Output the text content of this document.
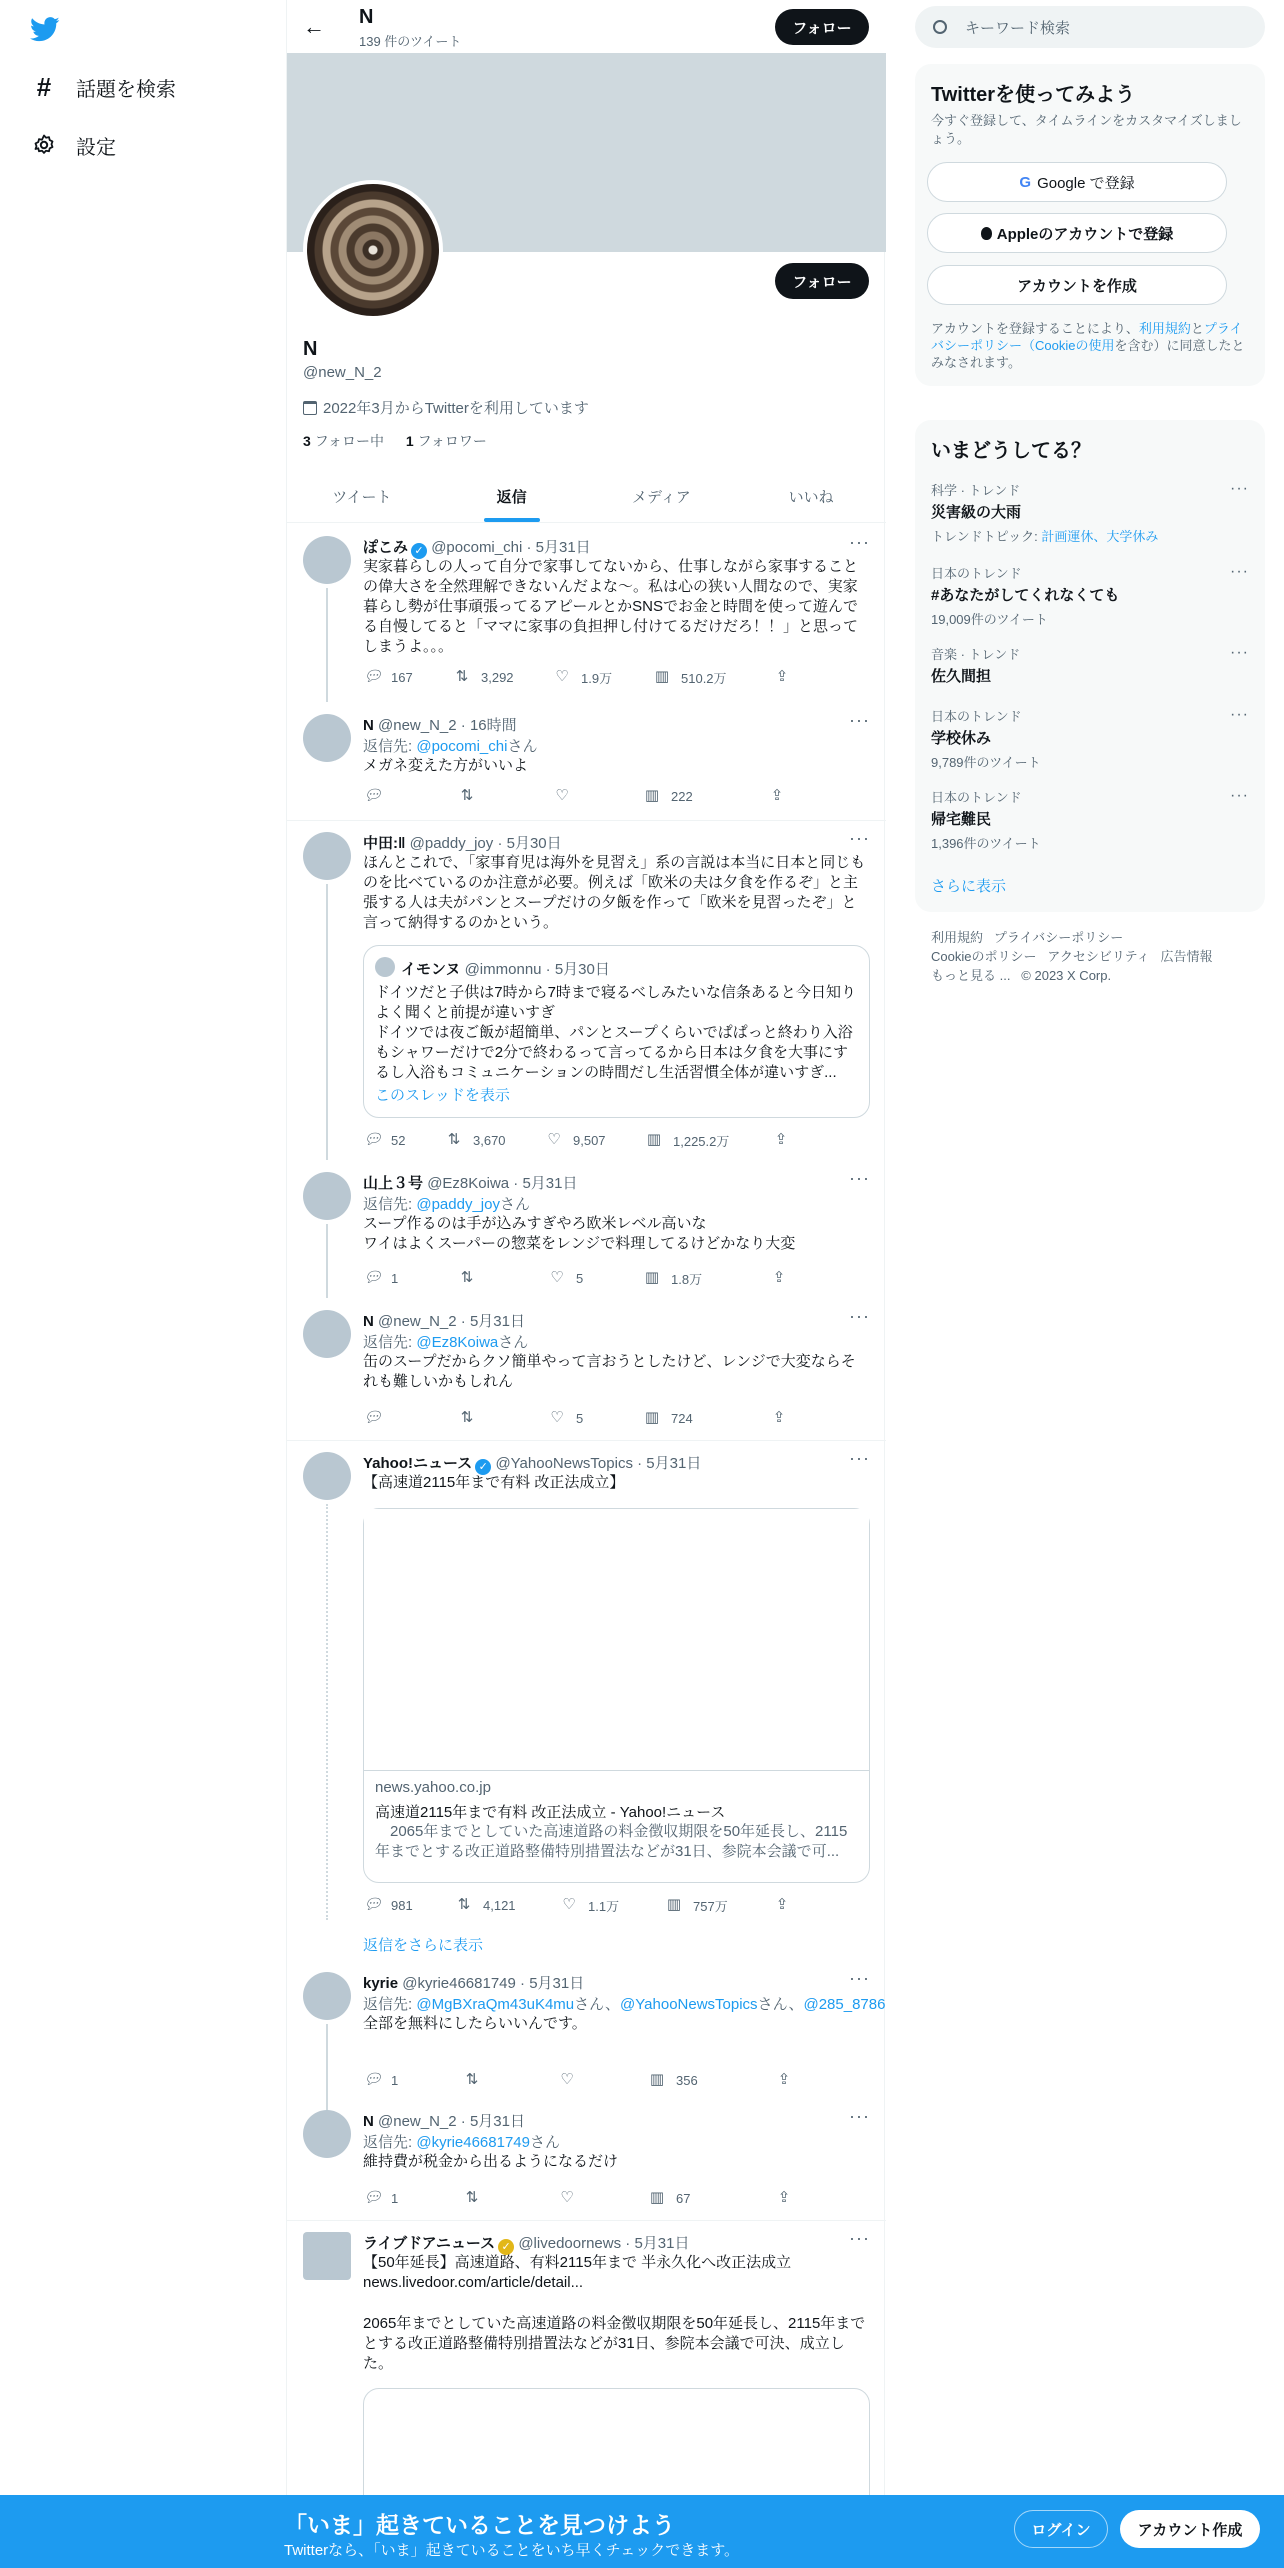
#	話題を検索
設定
← N
139 件のツイート
フォロー
フォロー
N
@new_N_2
2022年3月からTwitterを利用しています
3 フォロー中 1 フォロワー
ツイート	返信	メディア	いいね
ぽこみ ✓ @pocomi_chi · 5月31日	···
実家暮らしの人って自分で家事してないから、仕事しながら家事することの偉大さを全然理解できないんだよな～。私は心の狭い人間なので、実家暮らし勢が仕事頑張ってるアピールとかSNSでお金と時間を使って遊んでる自慢してると「ママに家事の負担押し付けてるだけだろ！！」と思ってしまうよ。。。
💬︎ 167	⇅ 3,292	♡ 1.9万	▥ 510.2万	⇪
N @new_N_2 · 16時間	···
返信先: @pocomi_chiさん
メガネ変えた方がいいよ
💬︎	⇅	♡	▥ 222	⇪
中田:‖ @paddy_joy · 5月30日	···
ほんとこれで、「家事育児は海外を見習え」系の言説は本当に日本と同じものを比べているのか注意が必要。例えば「欧米の夫は夕食を作るぞ」と主張する人は夫がパンとスープだけの夕飯を作って「欧米を見習ったぞ」と言って納得するのかという。
イモンヌ @immonnu · 5月30日
ドイツだと子供は7時から7時まで寝るべしみたいな信条あると今日知りよく聞くと前提が違いすぎ
ドイツでは夜ご飯が超簡単、パンとスープくらいでぱぱっと終わり入浴もシャワーだけで2分で終わるって言ってるから日本は夕食を大事にするし入浴もコミュニケーションの時間だし生活習慣全体が違いすぎ...
このスレッドを表示
💬︎ 52	⇅ 3,670	♡ 9,507	▥ 1,225.2万	⇪
山上３号 @Ez8Koiwa · 5月31日	···
返信先: @paddy_joyさん
スープ作るのは手が込みすぎやろ欧米レベル高いな
ワイはよくスーパーの惣菜をレンジで料理してるけどかなり大変
💬︎ 1	⇅	♡ 5	▥ 1.8万	⇪
N @new_N_2 · 5月31日	···
返信先: @Ez8Koiwaさん
缶のスープだからクソ簡単やって言おうとしたけど、レンジで大変ならそれも難しいかもしれん
💬︎	⇅	♡ 5	▥ 724	⇪
Yahoo!ニュース ✓ @YahooNewsTopics · 5月31日	···
【高速道2115年まで有料 改正法成立】
news.yahoo.co.jp
高速道2115年まで有料 改正法成立 - Yahoo!ニュース
　2065年までとしていた高速道路の料金徴収期限を50年延長し、2115年までとする改正道路整備特別措置法などが31日、参院本会議で可...
💬︎ 981	⇅ 4,121	♡ 1.1万	▥ 757万	⇪
返信をさらに表示
kyrie @kyrie46681749 · 5月31日	···
返信先: @MgBXraQm43uK4muさん、@YahooNewsTopicsさん、@285_8786
全部を無料にしたらいいんです。
💬︎ 1	⇅	♡	▥ 356	⇪
N @new_N_2 · 5月31日	···
返信先: @kyrie46681749さん
維持費が税金から出るようになるだけ
💬︎ 1	⇅	♡	▥ 67	⇪
ライブドアニュース ✓ @livedoornews · 5月31日	···
【50年延長】高速道路、有料2115年まで 半永久化へ改正法成立
news.livedoor.com/article/detail...
2065年までとしていた高速道路の料金徴収期限を50年延長し、2115年までとする改正道路整備特別措置法などが31日、参院本会議で可決、成立した。
キーワード検索
Twitterを使ってみよう
今すぐ登録して、タイムラインをカスタマイズしましょう。
G Google で登録
Appleのアカウントで登録
アカウントを作成
アカウントを登録することにより、利用規約とプライバシーポリシー（Cookieの使用を含む）に同意したとみなされます。
いまどうしてる？
科学 · トレンド
災害級の大雨
トレンドトピック: 計画運休、大学休み
···
日本のトレンド
#あなたがしてくれなくても
19,009件のツイート
···
音楽 · トレンド
佐久間担
···
日本のトレンド
学校休み
9,789件のツイート
···
日本のトレンド
帰宅難民
1,396件のツイート
···
さらに表示
利用規約 プライバシーポリシー
Cookieのポリシー アクセシビリティ 広告情報
もっと見る ... © 2023 X Corp.
「いま」起きていることを見つけよう
Twitterなら、「いま」起きていることをいち早くチェックできます。
ログイン	アカウント作成
